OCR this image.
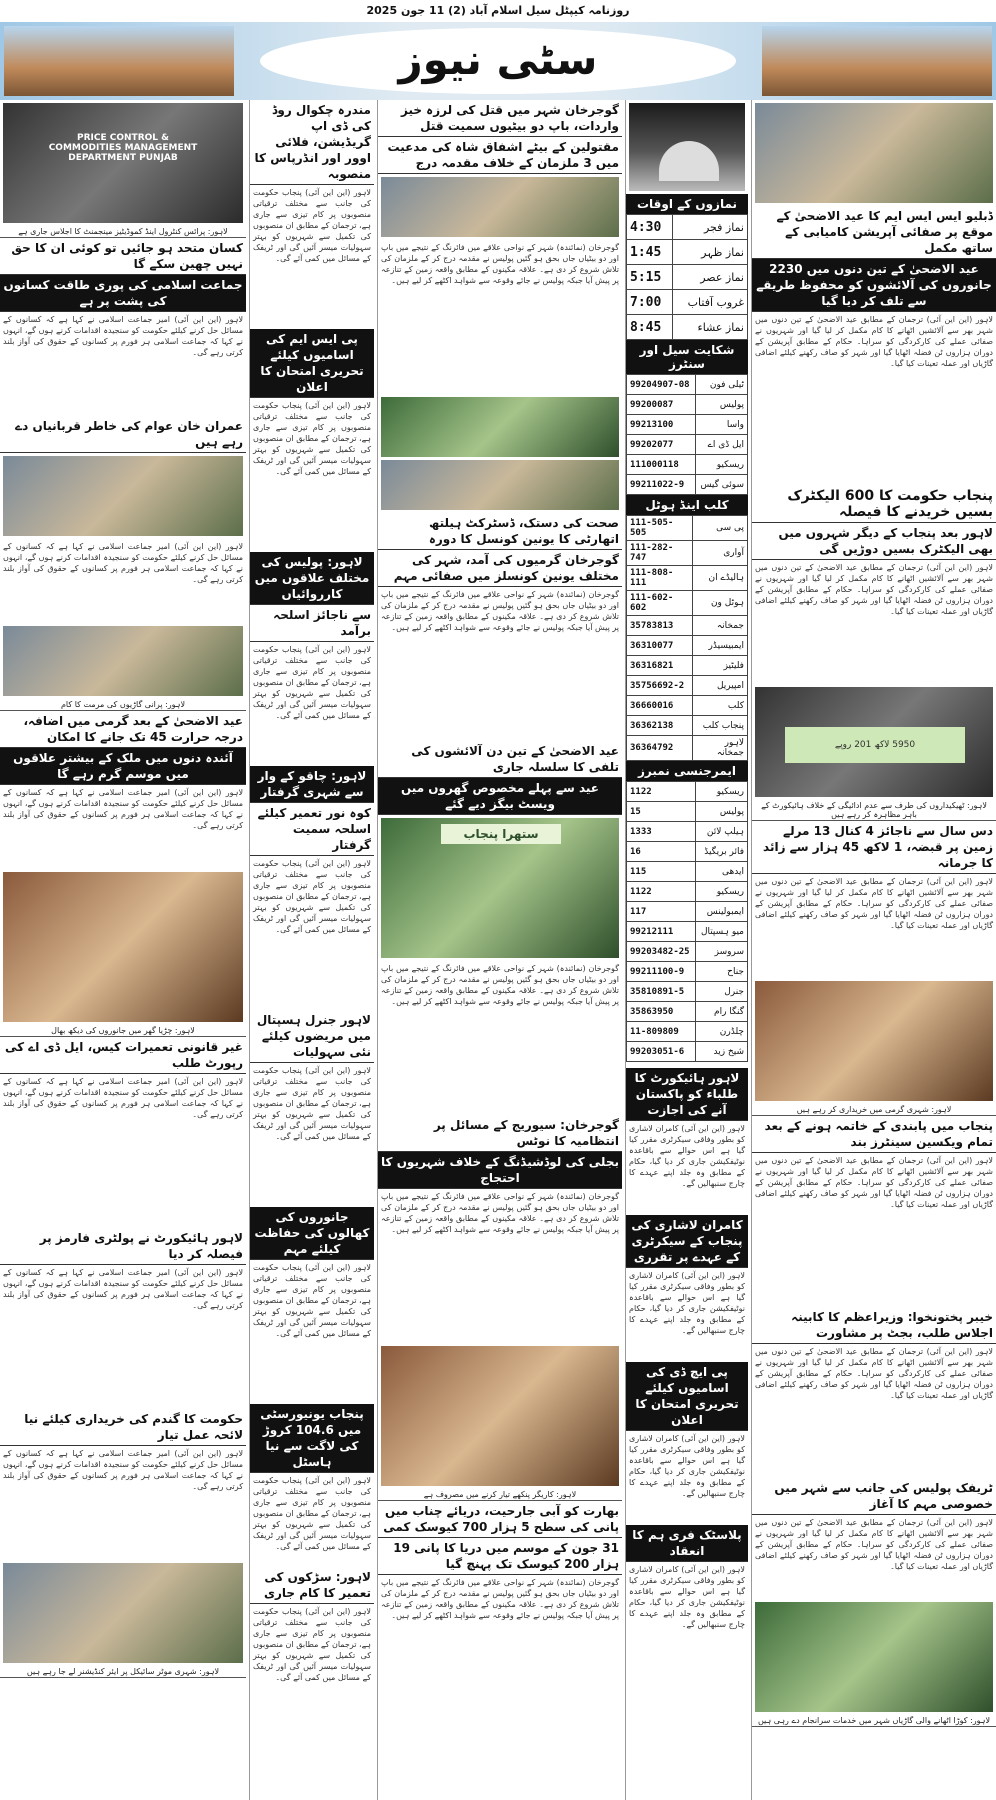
روزنامہ کیپٹل سیل اسلام آباد (2) 11 جون 2025
سٹی نیوز
ڈبلیو ایس ایس ایم کا عید الاضحیٰ کے موقع پر صفائی آپریشن کامیابی کے ساتھ مکمل
عید الاضحیٰ کے تین دنوں میں 2230 جانوروں کی آلائشوں کو محفوظ طریقے سے تلف کر دیا گیا
لاہور (این این آئی) ترجمان کے مطابق عید الاضحیٰ کے تین دنوں میں شہر بھر سے آلائشیں اٹھانے کا کام مکمل کر لیا گیا اور شہریوں نے صفائی عملے کی کارکردگی کو سراہا۔ حکام کے مطابق آپریشن کے دوران ہزاروں ٹن فضلہ اٹھایا گیا اور شہر کو صاف رکھنے کیلئے اضافی گاڑیاں اور عملہ تعینات کیا گیا۔
پنجاب حکومت کا 600 الیکٹرک بسیں خریدنے کا فیصلہ
لاہور بعد پنجاب کے دیگر شہروں میں بھی الیکٹرک بسیں دوڑیں گی
لاہور (این این آئی) ترجمان کے مطابق عید الاضحیٰ کے تین دنوں میں شہر بھر سے آلائشیں اٹھانے کا کام مکمل کر لیا گیا اور شہریوں نے صفائی عملے کی کارکردگی کو سراہا۔ حکام کے مطابق آپریشن کے دوران ہزاروں ٹن فضلہ اٹھایا گیا اور شہر کو صاف رکھنے کیلئے اضافی گاڑیاں اور عملہ تعینات کیا گیا۔
5950 لاکھ 201 روپے
لاہور: ٹھیکیداروں کی طرف سے عدم ادائیگی کے خلاف ہائیکورٹ کے باہر مظاہرہ کر رہے ہیں
دس سال سے ناجائز 4 کنال 13 مرلے زمین پر قبضہ، 1 لاکھ 45 ہزار سے زائد کا جرمانہ
لاہور (این این آئی) ترجمان کے مطابق عید الاضحیٰ کے تین دنوں میں شہر بھر سے آلائشیں اٹھانے کا کام مکمل کر لیا گیا اور شہریوں نے صفائی عملے کی کارکردگی کو سراہا۔ حکام کے مطابق آپریشن کے دوران ہزاروں ٹن فضلہ اٹھایا گیا اور شہر کو صاف رکھنے کیلئے اضافی گاڑیاں اور عملہ تعینات کیا گیا۔
لاہور: شہری گرمی میں خریداری کر رہے ہیں
پنجاب میں پابندی کے خاتمہ ہونے کے بعد تمام ویکسین سینٹرز بند
لاہور (این این آئی) ترجمان کے مطابق عید الاضحیٰ کے تین دنوں میں شہر بھر سے آلائشیں اٹھانے کا کام مکمل کر لیا گیا اور شہریوں نے صفائی عملے کی کارکردگی کو سراہا۔ حکام کے مطابق آپریشن کے دوران ہزاروں ٹن فضلہ اٹھایا گیا اور شہر کو صاف رکھنے کیلئے اضافی گاڑیاں اور عملہ تعینات کیا گیا۔
خیبر پختونخوا: وزیراعظم کا کابینہ اجلاس طلب، بجٹ پر مشاورت
لاہور (این این آئی) ترجمان کے مطابق عید الاضحیٰ کے تین دنوں میں شہر بھر سے آلائشیں اٹھانے کا کام مکمل کر لیا گیا اور شہریوں نے صفائی عملے کی کارکردگی کو سراہا۔ حکام کے مطابق آپریشن کے دوران ہزاروں ٹن فضلہ اٹھایا گیا اور شہر کو صاف رکھنے کیلئے اضافی گاڑیاں اور عملہ تعینات کیا گیا۔
ٹریفک پولیس کی جانب سے شہر میں خصوصی مہم کا آغاز
لاہور (این این آئی) ترجمان کے مطابق عید الاضحیٰ کے تین دنوں میں شہر بھر سے آلائشیں اٹھانے کا کام مکمل کر لیا گیا اور شہریوں نے صفائی عملے کی کارکردگی کو سراہا۔ حکام کے مطابق آپریشن کے دوران ہزاروں ٹن فضلہ اٹھایا گیا اور شہر کو صاف رکھنے کیلئے اضافی گاڑیاں اور عملہ تعینات کیا گیا۔
لاہور: کوڑا اٹھانے والی گاڑیاں شہر میں خدمات سرانجام دے رہی ہیں
نمازوں کے اوقات
نماز فجر	4:30
نماز ظہر	1:45
نماز عصر	5:15
غروب آفتاب	7:00
نماز عشاء	8:45
شکایت سیل اور سنٹرز
ٹیلی فون	99204907-08
پولیس	99200087
واسا	99213100
ایل ڈی اے	99202077
ریسکیو	111000118
سوئی گیس	99211022-9
کلب اینڈ ہوٹل
پی سی	111-505-505
آواری	111-282-747
ہالیڈے ان	111-808-111
ہوٹل ون	111-602-602
جمخانہ	35783813
ایمبیسیڈر	36310077
فلیٹیز	36316821
امپیریل	35756692-2
کلب	36660016
پنجاب کلب	36362138
لاہور جمخانہ	36364792
ایمرجنسی نمبرز
ریسکیو	1122
پولیس	15
ہیلپ لائن	1333
فائر بریگیڈ	16
ایدھی	115
ریسکیو	1122
ایمبولینس	117
میو ہسپتال	99212111
سروسز	99203482-25
جناح	99211100-9
جنرل	35810891-5
گنگا رام	35863950
چلڈرن	11-809809
شیخ زید	99203051-6
لاہور ہائیکورٹ کا طلباء کو پاکستان آنے کی اجازت
لاہور (این این آئی) کامران لاشاری کو بطور وفاقی سیکرٹری مقرر کیا گیا ہے اس حوالے سے باقاعدہ نوٹیفکیشن جاری کر دیا گیا، حکام کے مطابق وہ جلد اپنے عہدے کا چارج سنبھالیں گے۔
کامران لاشاری کی پنجاب کے سیکرٹری کے عہدے پر تقرری
لاہور (این این آئی) کامران لاشاری کو بطور وفاقی سیکرٹری مقرر کیا گیا ہے اس حوالے سے باقاعدہ نوٹیفکیشن جاری کر دیا گیا، حکام کے مطابق وہ جلد اپنے عہدے کا چارج سنبھالیں گے۔
پی ایچ ڈی کی اسامیوں کیلئے تحریری امتحان کا اعلان
لاہور (این این آئی) کامران لاشاری کو بطور وفاقی سیکرٹری مقرر کیا گیا ہے اس حوالے سے باقاعدہ نوٹیفکیشن جاری کر دیا گیا، حکام کے مطابق وہ جلد اپنے عہدے کا چارج سنبھالیں گے۔
پلاسٹک فری ہم کا انعقاد
لاہور (این این آئی) کامران لاشاری کو بطور وفاقی سیکرٹری مقرر کیا گیا ہے اس حوالے سے باقاعدہ نوٹیفکیشن جاری کر دیا گیا، حکام کے مطابق وہ جلد اپنے عہدے کا چارج سنبھالیں گے۔
گوجرخان شہر میں قتل کی لرزہ خیز واردات، باپ دو بیٹیوں سمیت قتل
مقتولین کے بیٹے اشفاق شاہ کی مدعیت میں 3 ملزمان کے خلاف مقدمہ درج
گوجرخان (نمائندہ) شہر کے نواحی علاقے میں فائرنگ کے نتیجے میں باپ اور دو بیٹیاں جاں بحق ہو گئیں پولیس نے مقدمہ درج کر کے ملزمان کی تلاش شروع کر دی ہے۔ علاقہ مکینوں کے مطابق واقعہ زمین کے تنازعہ پر پیش آیا جبکہ پولیس نے جائے وقوعہ سے شواہد اکٹھے کر لیے ہیں۔
صحت کی دستک، ڈسٹرکٹ ہیلتھ اتھارٹی کا یونین کونسل کا دورہ
گوجرخان گرمیوں کی آمد، شہر کی مختلف یونین کونسلز میں صفائی مہم
گوجرخان (نمائندہ) شہر کے نواحی علاقے میں فائرنگ کے نتیجے میں باپ اور دو بیٹیاں جاں بحق ہو گئیں پولیس نے مقدمہ درج کر کے ملزمان کی تلاش شروع کر دی ہے۔ علاقہ مکینوں کے مطابق واقعہ زمین کے تنازعہ پر پیش آیا جبکہ پولیس نے جائے وقوعہ سے شواہد اکٹھے کر لیے ہیں۔
عید الاضحیٰ کے تین دن آلائشوں کی تلفی کا سلسلہ جاری
عید سے پہلے مخصوص گھروں میں ویسٹ بیگز دیے گئے
ستھرا پنجاب
گوجرخان (نمائندہ) شہر کے نواحی علاقے میں فائرنگ کے نتیجے میں باپ اور دو بیٹیاں جاں بحق ہو گئیں پولیس نے مقدمہ درج کر کے ملزمان کی تلاش شروع کر دی ہے۔ علاقہ مکینوں کے مطابق واقعہ زمین کے تنازعہ پر پیش آیا جبکہ پولیس نے جائے وقوعہ سے شواہد اکٹھے کر لیے ہیں۔
گوجرخان: سیوریج کے مسائل پر انتظامیہ کا نوٹس
بجلی کی لوڈشیڈنگ کے خلاف شہریوں کا احتجاج
گوجرخان (نمائندہ) شہر کے نواحی علاقے میں فائرنگ کے نتیجے میں باپ اور دو بیٹیاں جاں بحق ہو گئیں پولیس نے مقدمہ درج کر کے ملزمان کی تلاش شروع کر دی ہے۔ علاقہ مکینوں کے مطابق واقعہ زمین کے تنازعہ پر پیش آیا جبکہ پولیس نے جائے وقوعہ سے شواہد اکٹھے کر لیے ہیں۔
لاہور: کاریگر پنکھے تیار کرنے میں مصروف ہے
بھارت کو آبی جارحیت، دریائے چناب میں پانی کی سطح 5 ہزار 700 کیوسک کمی
31 جون کے موسم میں دریا کا پانی 19 ہزار 200 کیوسک تک پہنچ گیا
گوجرخان (نمائندہ) شہر کے نواحی علاقے میں فائرنگ کے نتیجے میں باپ اور دو بیٹیاں جاں بحق ہو گئیں پولیس نے مقدمہ درج کر کے ملزمان کی تلاش شروع کر دی ہے۔ علاقہ مکینوں کے مطابق واقعہ زمین کے تنازعہ پر پیش آیا جبکہ پولیس نے جائے وقوعہ سے شواہد اکٹھے کر لیے ہیں۔
مندرہ چکوال روڈ کی ڈی اپ گریڈیشن، فلائی اوور اور انڈرپاس کا منصوبہ
لاہور (این این آئی) پنجاب حکومت کی جانب سے مختلف ترقیاتی منصوبوں پر کام تیزی سے جاری ہے، ترجمان کے مطابق ان منصوبوں کی تکمیل سے شہریوں کو بہتر سہولیات میسر آئیں گی اور ٹریفک کے مسائل میں کمی آئے گی۔
پی ایس ایم کی اسامیوں کیلئے تحریری امتحان کا اعلان
لاہور (این این آئی) پنجاب حکومت کی جانب سے مختلف ترقیاتی منصوبوں پر کام تیزی سے جاری ہے، ترجمان کے مطابق ان منصوبوں کی تکمیل سے شہریوں کو بہتر سہولیات میسر آئیں گی اور ٹریفک کے مسائل میں کمی آئے گی۔
لاہور: پولیس کی مختلف علاقوں میں کارروائیاں
سے ناجائز اسلحہ برآمد
لاہور (این این آئی) پنجاب حکومت کی جانب سے مختلف ترقیاتی منصوبوں پر کام تیزی سے جاری ہے، ترجمان کے مطابق ان منصوبوں کی تکمیل سے شہریوں کو بہتر سہولیات میسر آئیں گی اور ٹریفک کے مسائل میں کمی آئے گی۔
لاہور: چاقو کے وار سے شہری گرفتار
کوہ نور تعمیر کیلئے اسلحہ سمیت گرفتار
لاہور (این این آئی) پنجاب حکومت کی جانب سے مختلف ترقیاتی منصوبوں پر کام تیزی سے جاری ہے، ترجمان کے مطابق ان منصوبوں کی تکمیل سے شہریوں کو بہتر سہولیات میسر آئیں گی اور ٹریفک کے مسائل میں کمی آئے گی۔
لاہور جنرل ہسپتال میں مریضوں کیلئے نئی سہولیات
لاہور (این این آئی) پنجاب حکومت کی جانب سے مختلف ترقیاتی منصوبوں پر کام تیزی سے جاری ہے، ترجمان کے مطابق ان منصوبوں کی تکمیل سے شہریوں کو بہتر سہولیات میسر آئیں گی اور ٹریفک کے مسائل میں کمی آئے گی۔
جانوروں کی کھالوں کی حفاظت کیلئے مہم
لاہور (این این آئی) پنجاب حکومت کی جانب سے مختلف ترقیاتی منصوبوں پر کام تیزی سے جاری ہے، ترجمان کے مطابق ان منصوبوں کی تکمیل سے شہریوں کو بہتر سہولیات میسر آئیں گی اور ٹریفک کے مسائل میں کمی آئے گی۔
پنجاب یونیورسٹی میں 104.6 کروڑ کی لاگت سے نیا ہاسٹل
لاہور (این این آئی) پنجاب حکومت کی جانب سے مختلف ترقیاتی منصوبوں پر کام تیزی سے جاری ہے، ترجمان کے مطابق ان منصوبوں کی تکمیل سے شہریوں کو بہتر سہولیات میسر آئیں گی اور ٹریفک کے مسائل میں کمی آئے گی۔
لاہور: سڑکوں کی تعمیر کا کام جاری
لاہور (این این آئی) پنجاب حکومت کی جانب سے مختلف ترقیاتی منصوبوں پر کام تیزی سے جاری ہے، ترجمان کے مطابق ان منصوبوں کی تکمیل سے شہریوں کو بہتر سہولیات میسر آئیں گی اور ٹریفک کے مسائل میں کمی آئے گی۔
PRICE CONTROL & COMMODITIES MANAGEMENT DEPARTMENT PUNJAB
لاہور: پرائس کنٹرول اینڈ کموڈیٹیز مینجمنٹ کا اجلاس جاری ہے
کسان متحد ہو جائیں تو کوئی ان کا حق نہیں چھین سکے گا
جماعت اسلامی کی پوری طاقت کسانوں کی پشت پر ہے
لاہور (این این آئی) امیر جماعت اسلامی نے کہا ہے کہ کسانوں کے مسائل حل کرنے کیلئے حکومت کو سنجیدہ اقدامات کرنے ہوں گے، انہوں نے کہا کہ جماعت اسلامی ہر فورم پر کسانوں کے حقوق کی آواز بلند کرتی رہے گی۔
عمران خان عوام کی خاطر قربانیاں دے رہے ہیں
لاہور (این این آئی) امیر جماعت اسلامی نے کہا ہے کہ کسانوں کے مسائل حل کرنے کیلئے حکومت کو سنجیدہ اقدامات کرنے ہوں گے، انہوں نے کہا کہ جماعت اسلامی ہر فورم پر کسانوں کے حقوق کی آواز بلند کرتی رہے گی۔
لاہور: پرانی گاڑیوں کی مرمت کا کام
عید الاضحیٰ کے بعد گرمی میں اضافہ، درجہ حرارت 45 تک جانے کا امکان
آئندہ دنوں میں ملک کے بیشتر علاقوں میں موسم گرم رہے گا
لاہور (این این آئی) امیر جماعت اسلامی نے کہا ہے کہ کسانوں کے مسائل حل کرنے کیلئے حکومت کو سنجیدہ اقدامات کرنے ہوں گے، انہوں نے کہا کہ جماعت اسلامی ہر فورم پر کسانوں کے حقوق کی آواز بلند کرتی رہے گی۔
لاہور: چڑیا گھر میں جانوروں کی دیکھ بھال
غیر قانونی تعمیرات کیس، ایل ڈی اے کی رپورٹ طلب
لاہور (این این آئی) امیر جماعت اسلامی نے کہا ہے کہ کسانوں کے مسائل حل کرنے کیلئے حکومت کو سنجیدہ اقدامات کرنے ہوں گے، انہوں نے کہا کہ جماعت اسلامی ہر فورم پر کسانوں کے حقوق کی آواز بلند کرتی رہے گی۔
لاہور ہائیکورٹ نے پولٹری فارمز پر فیصلہ کر دیا
لاہور (این این آئی) امیر جماعت اسلامی نے کہا ہے کہ کسانوں کے مسائل حل کرنے کیلئے حکومت کو سنجیدہ اقدامات کرنے ہوں گے، انہوں نے کہا کہ جماعت اسلامی ہر فورم پر کسانوں کے حقوق کی آواز بلند کرتی رہے گی۔
حکومت کا گندم کی خریداری کیلئے نیا لائحہ عمل تیار
لاہور (این این آئی) امیر جماعت اسلامی نے کہا ہے کہ کسانوں کے مسائل حل کرنے کیلئے حکومت کو سنجیدہ اقدامات کرنے ہوں گے، انہوں نے کہا کہ جماعت اسلامی ہر فورم پر کسانوں کے حقوق کی آواز بلند کرتی رہے گی۔
لاہور: شہری موٹر سائیکل پر ایئر کنڈیشنر لے جا رہے ہیں
